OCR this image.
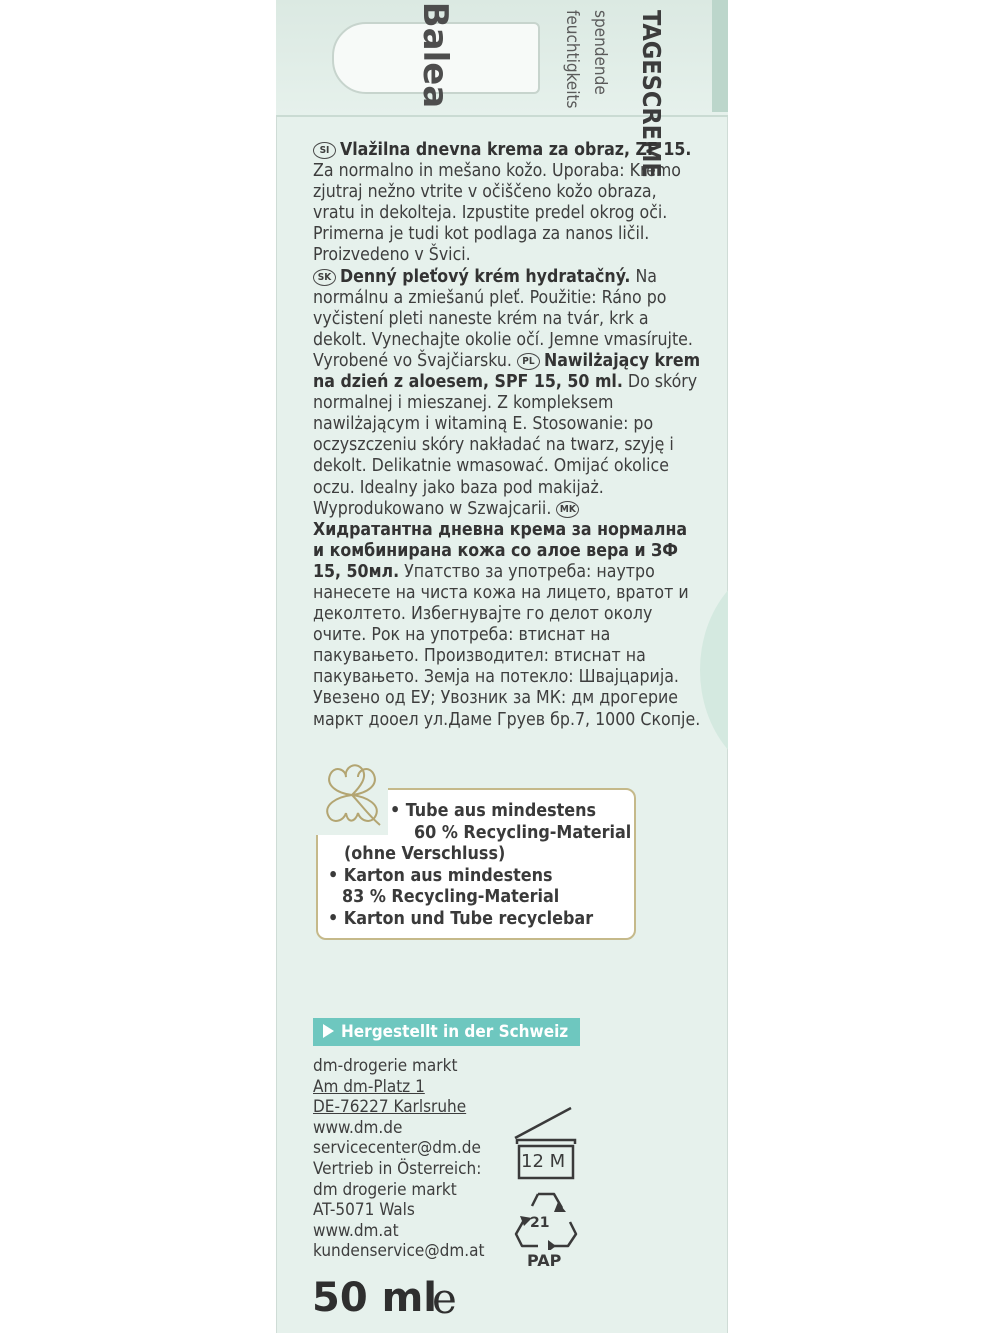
Balea	feuchtigkeits spendende TAGESCREME
SI Vlažilna dnevna krema za obraz, ZF 15. Za normalno in mešano kožo. Uporaba: Kremo zjutraj nežno vtrite v očiščeno kožo obraza, vratu in dekolteja. Izpustite predel okrog oči. Primerna je tudi kot podlaga za nanos ličil. Proizvedeno v Švici.
SK Denný pleťový krém hydratačný. Na normálnu a zmiešanú pleť. Použitie: Ráno po vyčistení pleti naneste krém na tvár, krk a dekolt. Vynechajte okolie očí. Jemne vmasírujte. Vyrobené vo Švajčiarsku. PL Nawilżający krem na dzień z aloesem, SPF 15, 50 ml. Do skóry normalnej i mieszanej. Z kompleksem nawilżającym i witaminą E. Stosowanie: po oczyszczeniu skóry nakładać na twarz, szyję i dekolt. Delikatnie wmasować. Omijać okolice oczu. Idealny jako baza pod makijaż. Wyprodukowano w Szwajcarii. MKХидратантна дневна крема за нормална и комбинирана кожа со алое вера и ЗФ 15, 50мл. Упатство за употреба: наутро нанесете на чиста кожа на лицето, вратот и деколтето. Избегнувајте го делот околу очите. Рок на употреба: втиснат на пакувањето. Производител: втиснат на пакувањето. Земја на потекло: Швајцарија. Увезено од ЕУ; Увозник за МК: дм дрогерие маркт дооел ул.Даме Груев бр.7, 1000 Скопје.
• Tube aus mindestens
60 % Recycling-Material
(ohne Verschluss)
• Karton aus mindestens
83 % Recycling-Material
• Karton und Tube recyclebar
Hergestellt in der Schweiz
dm-drogerie markt
Am dm-Platz 1
DE-76227 Karlsruhe
www.dm.de
servicecenter@dm.de
Vertrieb in Österreich:
dm drogerie markt
AT-5071 Wals
www.dm.at
kundenservice@dm.at
12 M
21
PAP
50 ml
e
